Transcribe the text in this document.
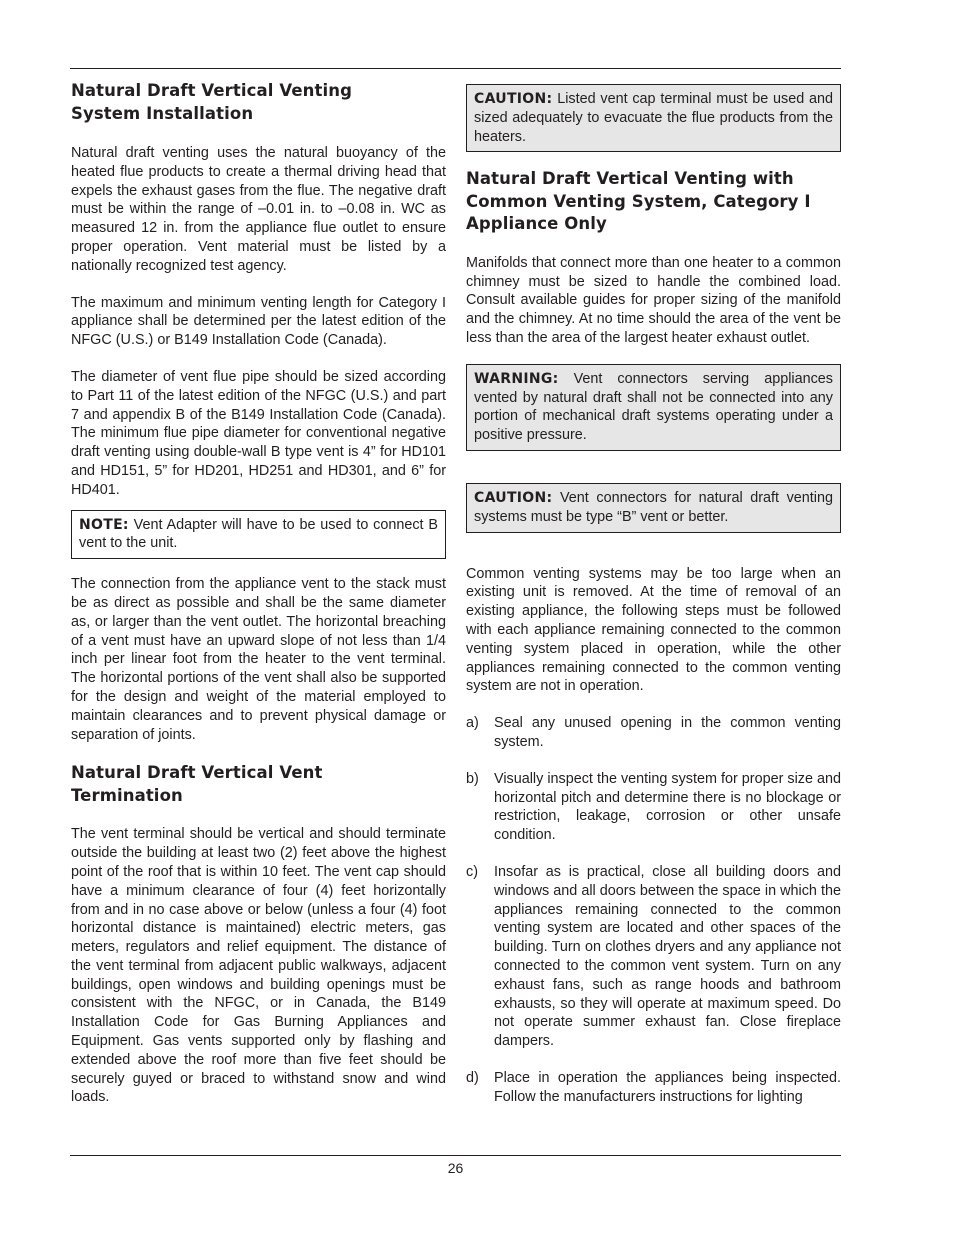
Natural Draft Vertical Venting System Installation

Natural draft venting uses the natural buoyancy of the heated flue products to create a thermal driving head that expels the exhaust gases from the flue. The negative draft must be within the range of –0.01 in. to –0.08 in. WC as measured 12 in. from the appliance flue outlet to ensure proper operation. Vent material must be listed by a nationally recognized test agency.

The maximum and minimum venting length for Category I appliance shall be determined per the latest edition of the NFGC (U.S.) or B149 Installation Code (Canada).

The diameter of vent flue pipe should be sized according to Part 11 of the latest edition of the NFGC (U.S.) and part 7 and appendix B of the B149 Installation Code (Canada). The minimum flue pipe diameter for conventional negative draft venting using double-wall B type vent is 4” for HD101 and HD151, 5” for HD201, HD251 and HD301, and 6” for HD401.

NOTE: Vent Adapter will have to be used to connect B vent to the unit.

The connection from the appliance vent to the stack must be as direct as possible and shall be the same diameter as, or larger than the vent outlet. The horizontal breaching of a vent must have an upward slope of not less than 1/4 inch per linear foot from the heater to the vent terminal. The horizontal portions of the vent shall also be supported for the design and weight of the material employed to maintain clearances and to prevent physical damage or separation of joints.

Natural Draft Vertical Vent Termination

The vent terminal should be vertical and should terminate outside the building at least two (2) feet above the highest point of the roof that is within 10 feet. The vent cap should have a minimum clearance of four (4) feet horizontally from and in no case above or below (unless a four (4) foot horizontal distance is maintained) electric meters, gas meters, regulators and relief equipment. The distance of the vent terminal from adjacent public walkways, adjacent buildings, open windows and building openings must be consistent with the NFGC, or in Canada, the B149 Installation Code for Gas Burning Appliances and Equipment. Gas vents supported only by flashing and extended above the roof more than five feet should be securely guyed or braced to withstand snow and wind loads.

CAUTION: Listed vent cap terminal must be used and sized adequately to evacuate the flue products from the heaters.
Natural Draft Vertical Venting with Common Venting System, Category I Appliance Only

Manifolds that connect more than one heater to a common chimney must be sized to handle the combined load. Consult available guides for proper sizing of the manifold and the chimney. At no time should the area of the vent be less than the area of the largest heater exhaust outlet.

WARNING: Vent connectors serving appliances vented by natural draft shall not be connected into any portion of mechanical draft systems operating under a positive pressure.
CAUTION: Vent connectors for natural draft venting systems must be type “B” vent or better.

Common venting systems may be too large when an existing unit is removed. At the time of removal of an existing appliance, the following steps must be followed with each appliance remaining connected to the common venting system placed in operation, while the other appliances remaining connected to the common venting system are not in operation.

a)	Seal any unused opening in the common venting system.
b)	Visually inspect the venting system for proper size and horizontal pitch and determine there is no blockage or restriction, leakage, corrosion or other unsafe condition.
c)	Insofar as is practical, close all building doors and windows and all doors between the space in which the appliances remaining connected to the common venting system are located and other spaces of the building. Turn on clothes dryers and any appliance not connected to the common vent system. Turn on any exhaust fans, such as range hoods and bathroom exhausts, so they will operate at maximum speed. Do not operate summer exhaust fan. Close fireplace dampers.
d)	Place in operation the appliances being inspected. Follow the manufacturers instructions for lighting
26
